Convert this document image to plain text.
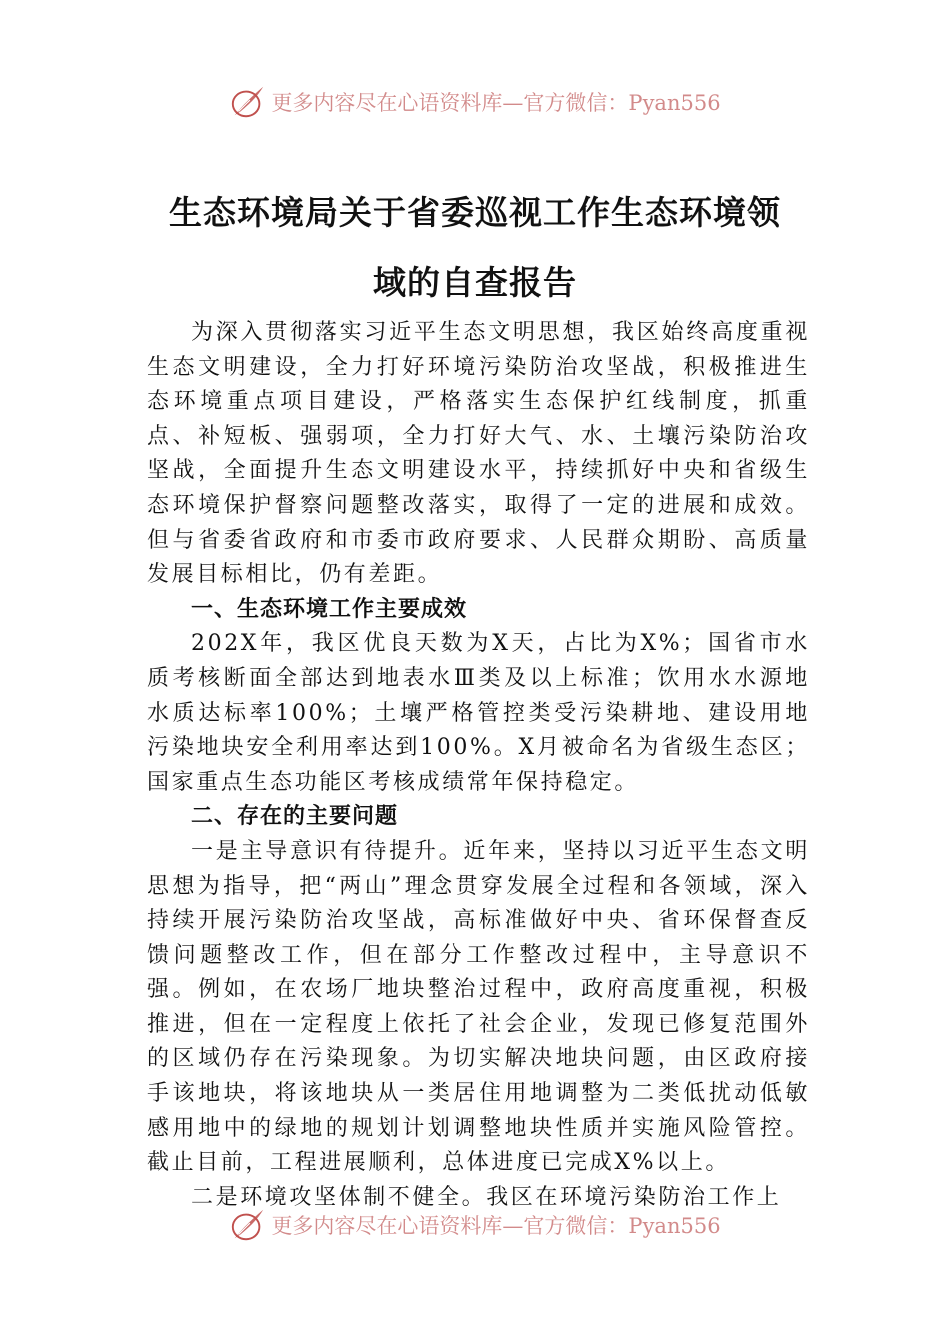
更多内容尽在心语资料库—官方微信：Pyan556
生态环境局关于省委巡视工作生态环境领
域的自查报告

为深入贯彻落实习近平生态文明思想，我区始终高度重视生态文明建设，全力打好环境污染防治攻坚战，积极推进生态环境重点项目建设，严格落实生态保护红线制度，抓重点、补短板、强弱项，全力打好大气、水、土壤污染防治攻坚战，全面提升生态文明建设水平，持续抓好中央和省级生态环境保护督察问题整改落实，取得了一定的进展和成效。但与省委省政府和市委市政府要求、人民群众期盼、高质量发展目标相比，仍有差距。

一、生态环境工作主要成效

202X年，我区优良天数为X天，占比为X%；国省市水质考核断面全部达到地表水Ⅲ类及以上标准；饮用水水源地水质达标率100%；土壤严格管控类受污染耕地、建设用地污染地块安全利用率达到100%。X月被命名为省级生态区；国家重点生态功能区考核成绩常年保持稳定。

二、存在的主要问题

一是主导意识有待提升。近年来，坚持以习近平生态文明思想为指导，把“两山”理念贯穿发展全过程和各领域，深入持续开展污染防治攻坚战，高标准做好中央、省环保督查反馈问题整改工作，但在部分工作整改过程中，主导意识不强。例如，在农场厂地块整治过程中，政府高度重视，积极推进，但在一定程度上依托了社会企业，发现已修复范围外的区域仍存在污染现象。为切实解决地块问题，由区政府接手该地块，将该地块从一类居住用地调整为二类低扰动低敏感用地中的绿地的规划计划调整地块性质并实施风险管控。截止目前，工程进展顺利，总体进度已完成X%以上。

二是环境攻坚体制不健全。我区在环境污染防治工作上

更多内容尽在心语资料库—官方微信：Pyan556
